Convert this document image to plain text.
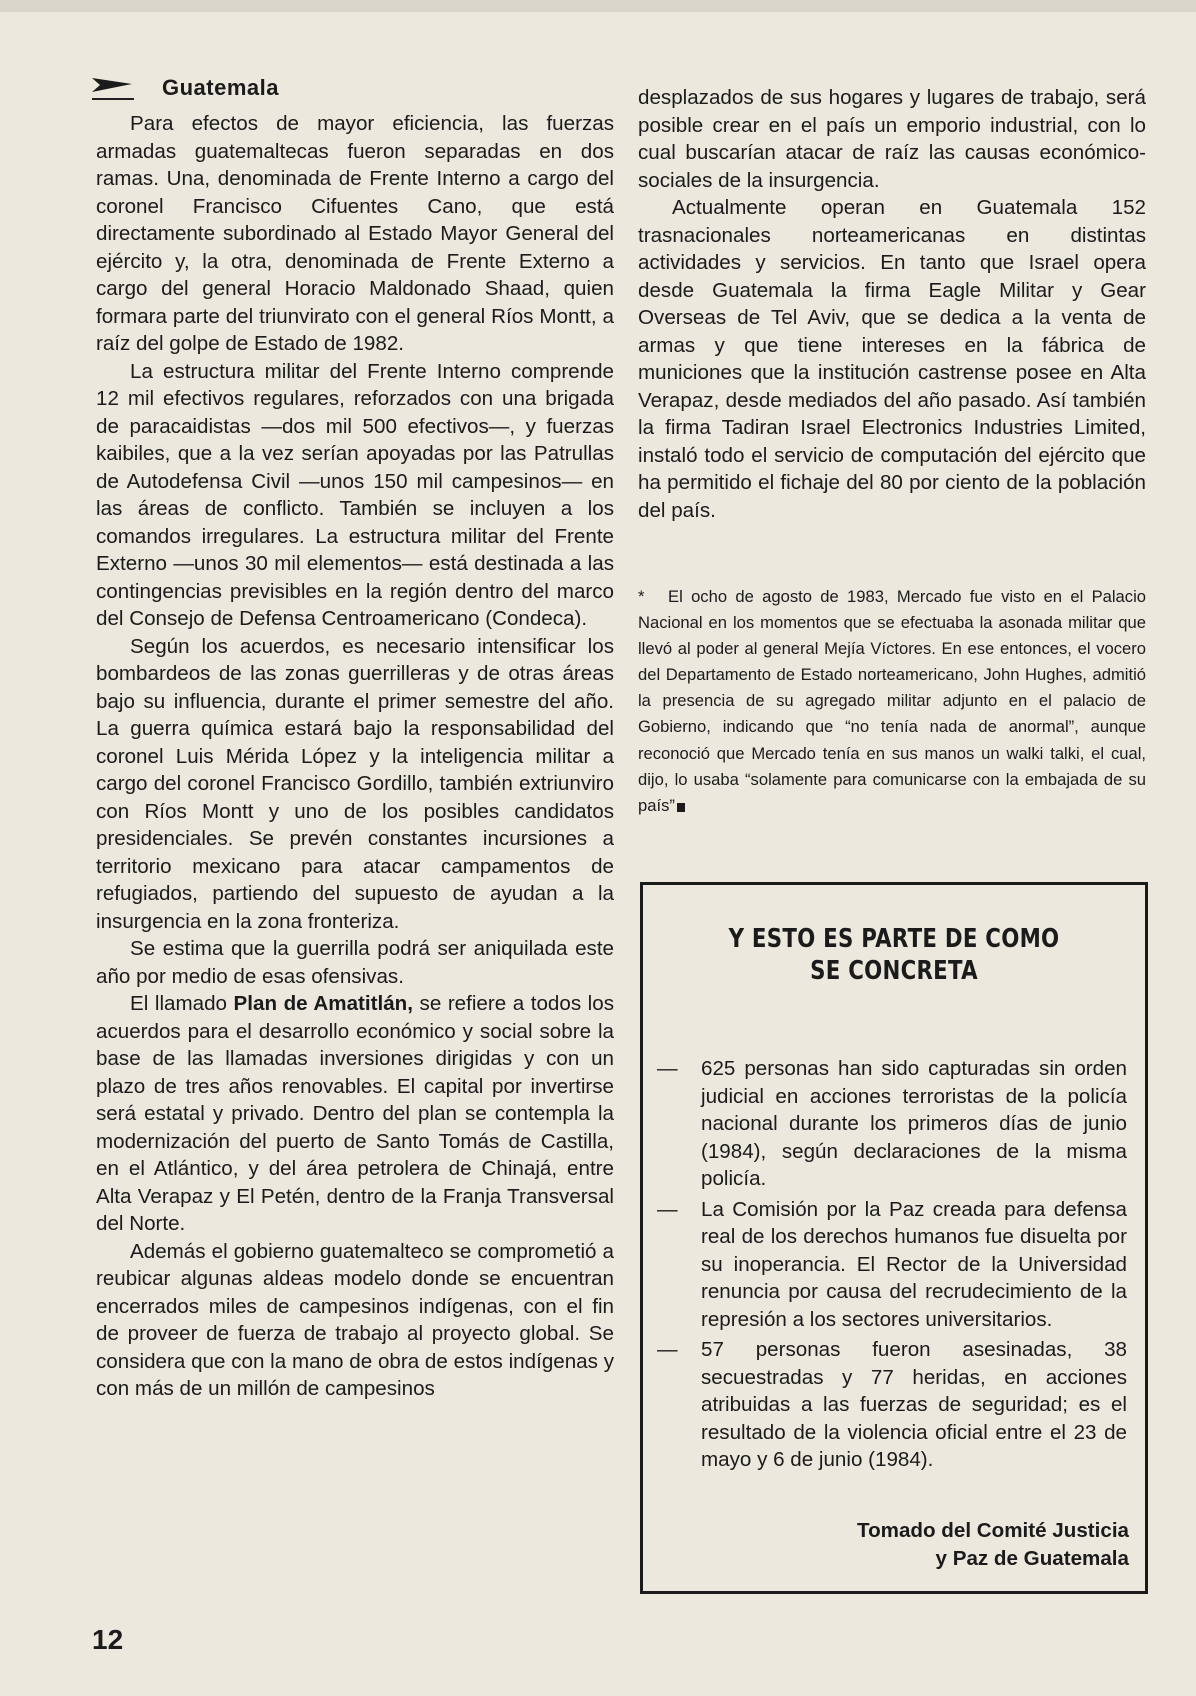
Guatemala

Para efectos de mayor eficiencia, las fuerzas armadas guatemaltecas fueron separadas en dos ramas. Una, denominada de Frente Interno a cargo del coronel Francisco Cifuentes Cano, que está directamente subordinado al Estado Mayor General del ejército y, la otra, denominada de Frente Externo a cargo del general Horacio Maldonado Shaad, quien formara parte del triunvirato con el general Ríos Montt, a raíz del golpe de Estado de 1982.

La estructura militar del Frente Interno comprende 12 mil efectivos regulares, reforzados con una brigada de paracaidistas —dos mil 500 efectivos—, y fuerzas kaibiles, que a la vez serían apoyadas por las Patrullas de Autodefensa Civil —unos 150 mil campesinos— en las áreas de conflicto. También se incluyen a los comandos irregulares. La estructura militar del Frente Externo —unos 30 mil elementos— está destinada a las contingencias previsibles en la región dentro del marco del Consejo de Defensa Centroamericano (Condeca).

Según los acuerdos, es necesario intensificar los bombardeos de las zonas guerrilleras y de otras áreas bajo su influencia, durante el primer semestre del año. La guerra química estará bajo la responsabilidad del coronel Luis Mérida López y la inteligencia militar a cargo del coronel Francisco Gordillo, también extriunviro con Ríos Montt y uno de los posibles candidatos presidenciales. Se prevén constantes incursiones a territorio mexicano para atacar campamentos de refugiados, partiendo del supuesto de ayudan a la insurgencia en la zona fronteriza.

Se estima que la guerrilla podrá ser aniquilada este año por medio de esas ofensivas.

El llamado Plan de Amatitlán, se refiere a todos los acuerdos para el desarrollo económico y social sobre la base de las llamadas inversiones dirigidas y con un plazo de tres años renovables. El capital por invertirse será estatal y privado. Dentro del plan se contempla la modernización del puerto de Santo Tomás de Castilla, en el Atlántico, y del área petrolera de Chinajá, entre Alta Verapaz y El Petén, dentro de la Franja Transversal del Norte.

Además el gobierno guatemalteco se comprometió a reubicar algunas aldeas modelo donde se encuentran encerrados miles de campesinos indígenas, con el fin de proveer de fuerza de trabajo al proyecto global. Se considera que con la mano de obra de estos indígenas y con más de un millón de campesinos

desplazados de sus hogares y lugares de trabajo, será posible crear en el país un emporio industrial, con lo cual buscarían atacar de raíz las causas económico-sociales de la insurgencia.

Actualmente operan en Guatemala 152 trasnacionales norteamericanas en distintas actividades y servicios. En tanto que Israel opera desde Guatemala la firma Eagle Militar y Gear Overseas de Tel Aviv, que se dedica a la venta de armas y que tiene intereses en la fábrica de municiones que la institución castrense posee en Alta Verapaz, desde mediados del año pasado. Así también la firma Tadiran Israel Electronics Industries Limited, instaló todo el servicio de computación del ejército que ha permitido el fichaje del 80 por ciento de la población del país.

* El ocho de agosto de 1983, Mercado fue visto en el Palacio Nacional en los momentos que se efectuaba la asonada militar que llevó al poder al general Mejía Víctores. En ese entonces, el vocero del Departamento de Estado norteamericano, John Hughes, admitió la presencia de su agregado militar adjunto en el palacio de Gobierno, indicando que “no tenía nada de anormal”, aunque reconoció que Mercado tenía en sus manos un walki talki, el cual, dijo, lo usaba “solamente para comunicarse con la embajada de su país”
Y ESTO ES PARTE DE COMO
SE CONCRETA
— 625 personas han sido capturadas sin orden judicial en acciones terroristas de la policía nacional durante los primeros días de junio (1984), según declaraciones de la misma policía.
— La Comisión por la Paz creada para defensa real de los derechos humanos fue disuelta por su inoperancia. El Rector de la Universidad renuncia por causa del recrudecimiento de la represión a los sectores universitarios.
— 57 personas fueron asesinadas, 38 secuestradas y 77 heridas, en acciones atribuidas a las fuerzas de seguridad; es el resultado de la violencia oficial entre el 23 de mayo y 6 de junio (1984).
Tomado del Comité Justicia
y Paz de Guatemala
12
